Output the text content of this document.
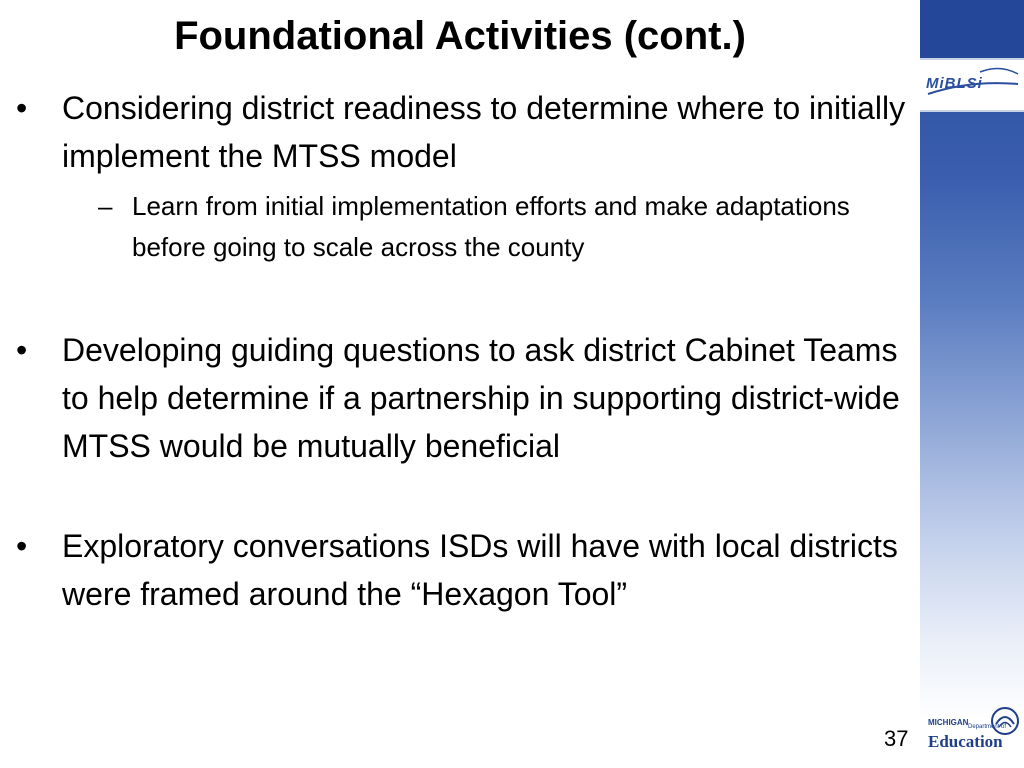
MiBLSi
Foundational Activities (cont.)
•	Considering district readiness to determine where to initially implement the MTSS model
– Learn from initial implementation efforts and make adaptations before going to scale across the county
•	Developing guiding questions to ask district Cabinet Teams to help determine if a partnership in supporting district-wide MTSS would be mutually beneficial
•	Exploratory conversations ISDs will have with local districts were framed around the “Hexagon Tool”
37
MICHIGAN Department of
Education
